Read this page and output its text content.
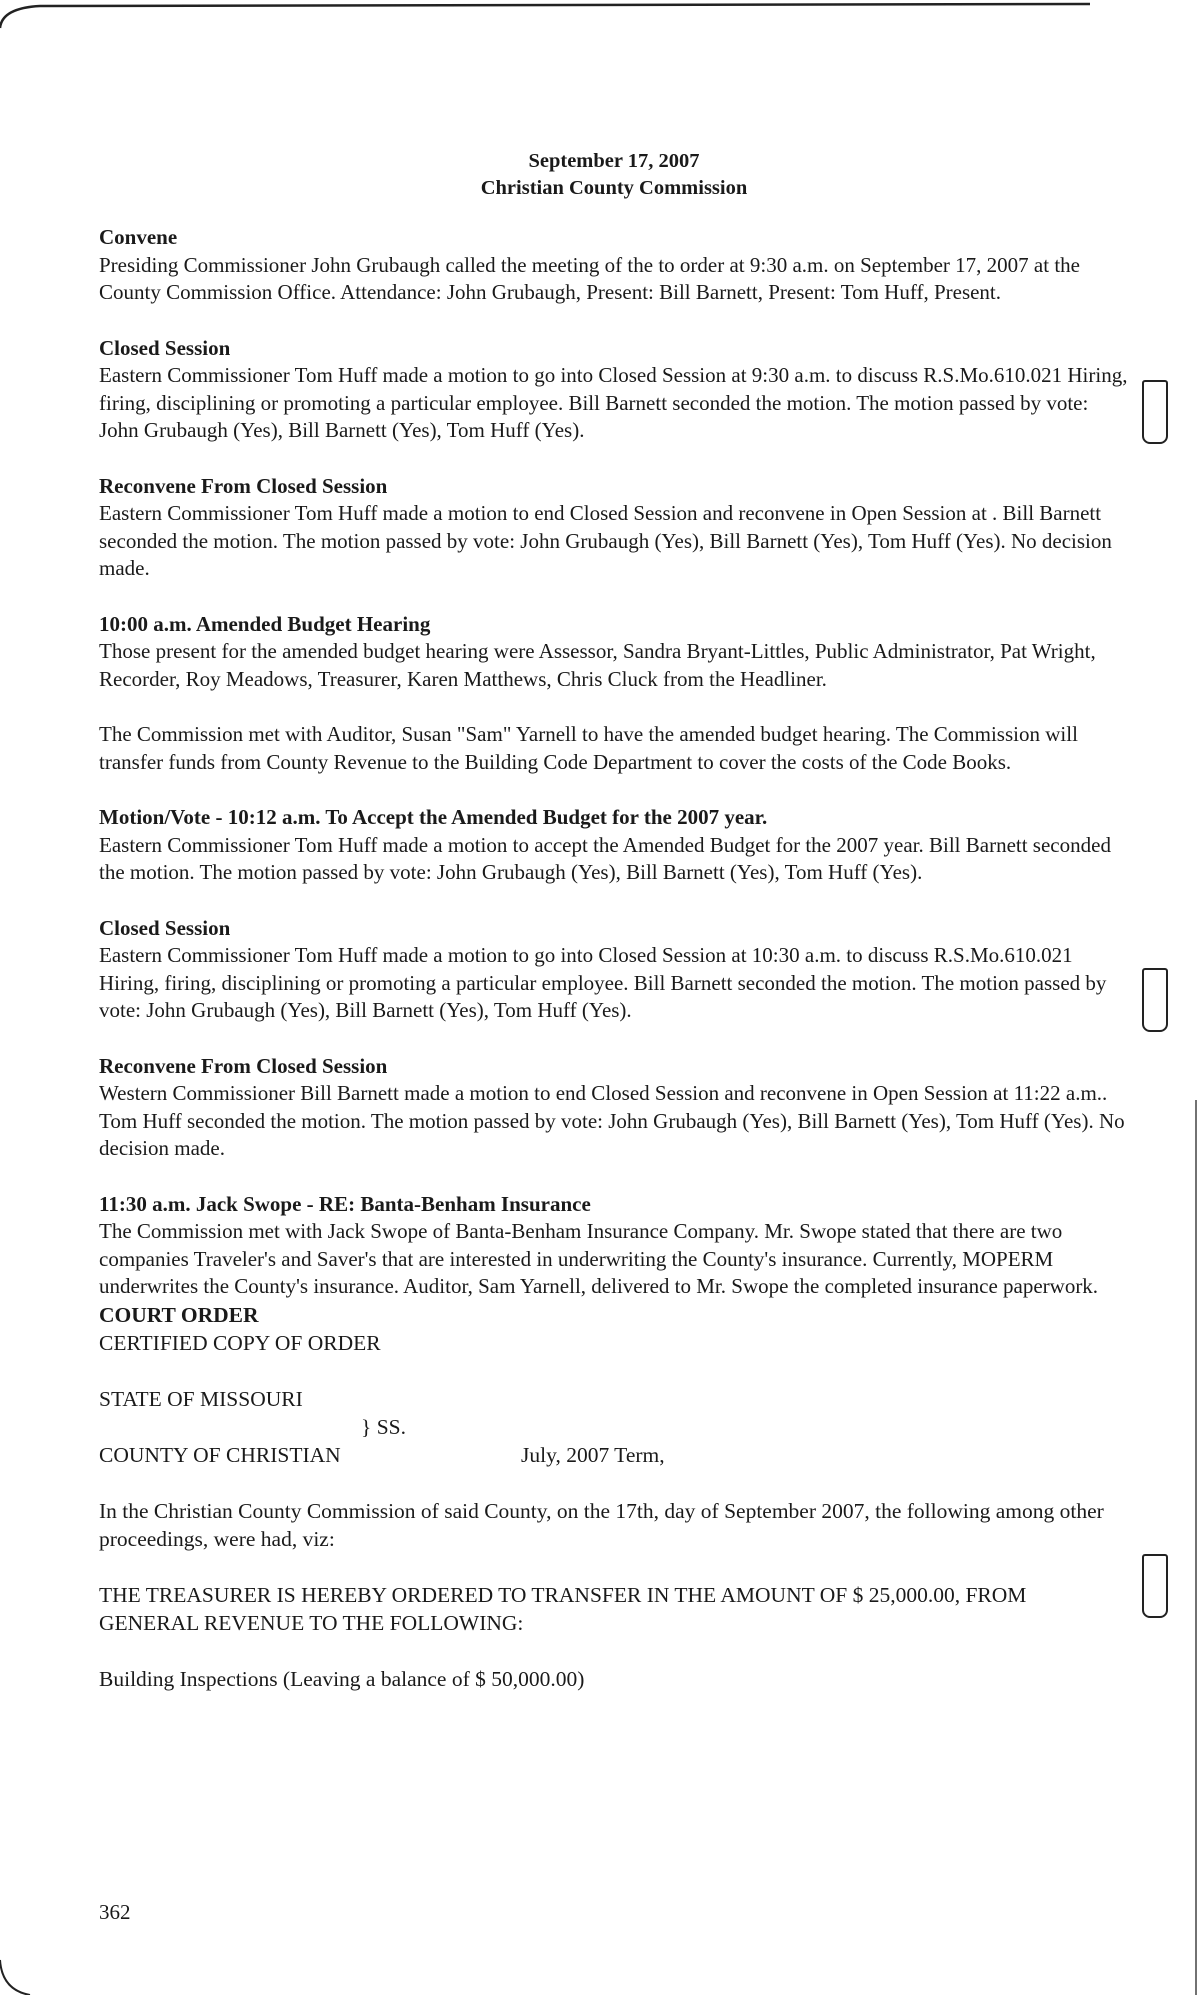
September 17, 2007
Christian County Commission
Convene

Presiding Commissioner John Grubaugh called the meeting of the to order at 9:30 a.m. on September 17, 2007 at the County Commission Office. Attendance: John Grubaugh, Present: Bill Barnett, Present: Tom Huff, Present.

Closed Session

Eastern Commissioner Tom Huff made a motion to go into Closed Session at 9:30 a.m. to discuss R.S.Mo.610.021 Hiring, firing, disciplining or promoting a particular employee. Bill Barnett seconded the motion. The motion passed by vote: John Grubaugh (Yes), Bill Barnett (Yes), Tom Huff (Yes).

Reconvene From Closed Session

Eastern Commissioner Tom Huff made a motion to end Closed Session and reconvene in Open Session at . Bill Barnett seconded the motion. The motion passed by vote: John Grubaugh (Yes), Bill Barnett (Yes), Tom Huff (Yes). No decision made.

10:00 a.m. Amended Budget Hearing

Those present for the amended budget hearing were Assessor, Sandra Bryant-Littles, Public Administrator, Pat Wright, Recorder, Roy Meadows, Treasurer, Karen Matthews, Chris Cluck from the Headliner.

The Commission met with Auditor, Susan "Sam" Yarnell to have the amended budget hearing. The Commission will transfer funds from County Revenue to the Building Code Department to cover the costs of the Code Books.

Motion/Vote - 10:12 a.m. To Accept the Amended Budget for the 2007 year.

Eastern Commissioner Tom Huff made a motion to accept the Amended Budget for the 2007 year. Bill Barnett seconded the motion. The motion passed by vote: John Grubaugh (Yes), Bill Barnett (Yes), Tom Huff (Yes).

Closed Session

Eastern Commissioner Tom Huff made a motion to go into Closed Session at 10:30 a.m. to discuss R.S.Mo.610.021 Hiring, firing, disciplining or promoting a particular employee. Bill Barnett seconded the motion. The motion passed by vote: John Grubaugh (Yes), Bill Barnett (Yes), Tom Huff (Yes).

Reconvene From Closed Session

Western Commissioner Bill Barnett made a motion to end Closed Session and reconvene in Open Session at 11:22 a.m.. Tom Huff seconded the motion. The motion passed by vote: John Grubaugh (Yes), Bill Barnett (Yes), Tom Huff (Yes). No decision made.

11:30 a.m. Jack Swope - RE: Banta-Benham Insurance

The Commission met with Jack Swope of Banta-Benham Insurance Company. Mr. Swope stated that there are two companies Traveler's and Saver's that are interested in underwriting the County's insurance. Currently, MOPERM underwrites the County's insurance. Auditor, Sam Yarnell, delivered to Mr. Swope the completed insurance paperwork.

COURT ORDER
CERTIFIED COPY OF ORDER
STATE OF MISSOURI
} SS.
COUNTY OF CHRISTIAN	July, 2007 Term,
In the Christian County Commission of said County, on the 17th, day of September 2007, the following among other proceedings, were had, viz:
THE TREASURER IS HEREBY ORDERED TO TRANSFER IN THE AMOUNT OF $ 25,000.00, FROM GENERAL REVENUE TO THE FOLLOWING:
Building Inspections (Leaving a balance of $ 50,000.00)
362
